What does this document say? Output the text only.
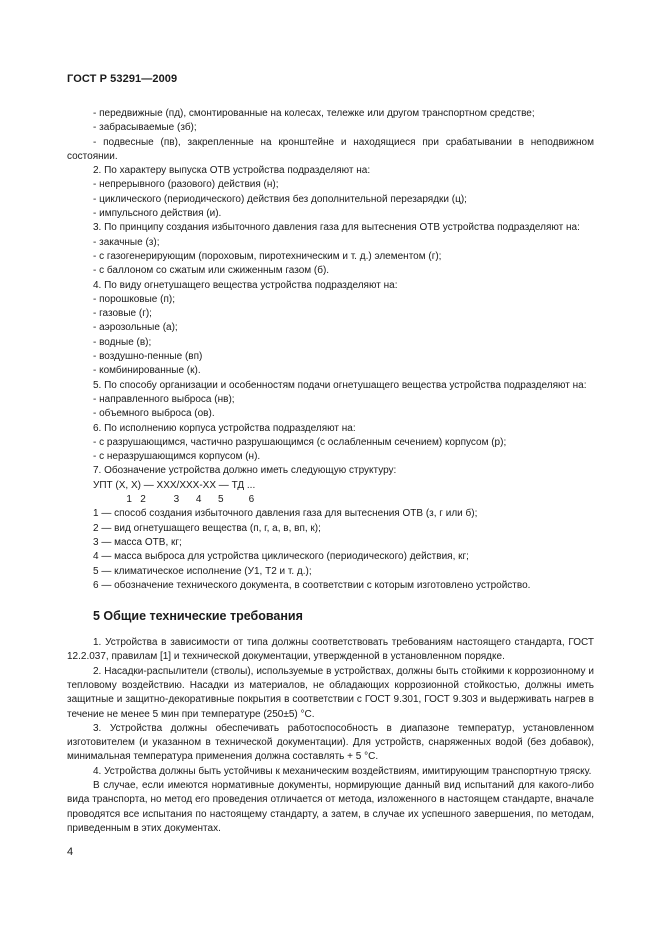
ГОСТ Р 53291—2009

- передвижные (пд), смонтированные на колесах, тележке или другом транспортном средстве;

- забрасываемые (зб);

- подвесные (пв), закрепленные на кронштейне и находящиеся при срабатывании в неподвижном состоянии.

2. По характеру выпуска ОТВ устройства подразделяют на:

- непрерывного (разового) действия (н);

- циклического (периодического) действия без дополнительной перезарядки (ц);

- импульсного действия (и).

3. По принципу создания избыточного давления газа для вытеснения ОТВ устройства подразделяют на:

- закачные (з);

- с газогенерирующим (пороховым, пиротехническим и т. д.) элементом (г);

- с баллоном со сжатым или сжиженным газом (б).

4. По виду огнетушащего вещества устройства подразделяют на:

- порошковые (п);

- газовые (г);

- аэрозольные (а);

- водные (в);

- воздушно-пенные (вп)

- комбинированные (к).

5. По способу организации и особенностям подачи огнетушащего вещества устройства подразделяют на:

- направленного выброса (нв);

- объемного выброса (ов).

6. По исполнению корпуса устройства подразделяют на:

- с разрушающимся, частично разрушающимся (с ослабленным сечением) корпусом (р);

- с неразрушающимся корпусом (н).

7. Обозначение устройства должно иметь следующую структуру:

УПТ (Х, Х) — ХХХ/ХХХ-ХХ — ТД ...

1   2          3      4      5         6

1 — способ создания избыточного давления газа для вытеснения ОТВ (з, г или б);

2 — вид огнетушащего вещества (п, г, а, в, вп, к);

3 — масса ОТВ, кг;

4 — масса выброса для устройства циклического (периодического) действия, кг;

5 — климатическое исполнение (У1, Т2 и т. д.);

6 — обозначение технического документа, в соответствии с которым изготовлено устройство.

5 Общие технические требования

1. Устройства в зависимости от типа должны соответствовать требованиям настоящего стандарта, ГОСТ 12.2.037, правилам [1] и технической документации, утвержденной в установленном порядке.

2. Насадки-распылители (стволы), используемые в устройствах, должны быть стойкими к коррозионному и тепловому воздействию. Насадки из материалов, не обладающих коррозионной стойкостью, должны иметь защитные и защитно-декоративные покрытия в соответствии с ГОСТ 9.301, ГОСТ 9.303 и выдерживать нагрев в течение не менее 5 мин при температуре (250±5) °С.

3. Устройства должны обеспечивать работоспособность в диапазоне температур, установленном изготовителем (и указанном в технической документации). Для устройств, снаряженных водой (без добавок), минимальная температура применения должна составлять + 5 °С.

4. Устройства должны быть устойчивы к механическим воздействиям, имитирующим транспортную тряску.

В случае, если имеются нормативные документы, нормирующие данный вид испытаний для какого-либо вида транспорта, но метод его проведения отличается от метода, изложенного в настоящем стандарте, вначале проводятся все испытания по настоящему стандарту, а затем, в случае их успешного завершения, по методам, приведенным в этих документах.

4
